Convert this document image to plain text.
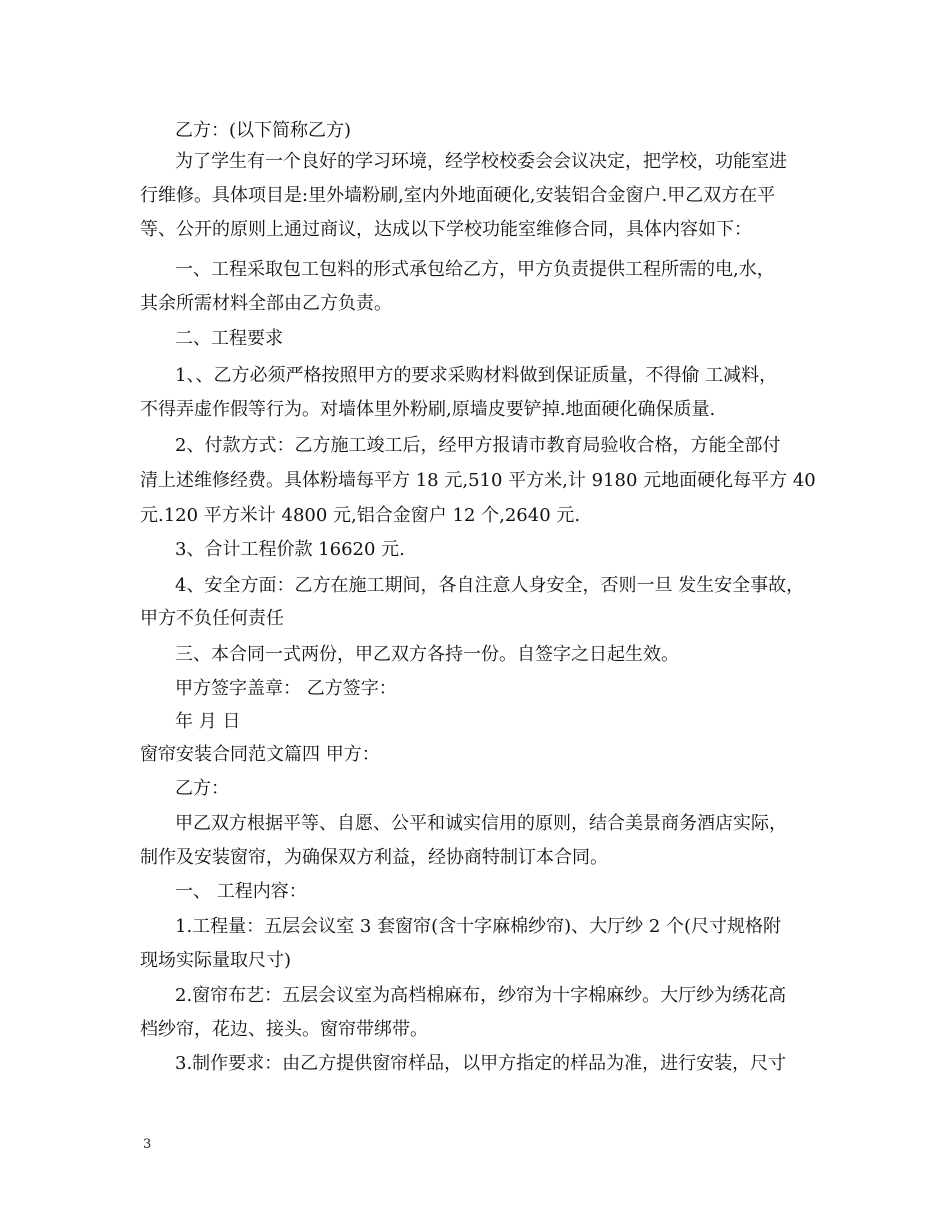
乙方：(以下简称乙方)
为了学生有一个良好的学习环境，经学校校委会会议决定，把学校，功能室进
行维修。具体项目是:里外墙粉刷,室内外地面硬化,安装铝合金窗户.甲乙双方在平
等、公开的原则上通过商议，达成以下学校功能室维修合同，具体内容如下：
一、工程采取包工包料的形式承包给乙方，甲方负责提供工程所需的电,水，
其余所需材料全部由乙方负责。
二、工程要求
1、、乙方必须严格按照甲方的要求采购材料做到保证质量，不得偷 工减料，
不得弄虚作假等行为。对墙体里外粉刷,原墙皮要铲掉.地面硬化确保质量.
2、付款方式：乙方施工竣工后，经甲方报请市教育局验收合格，方能全部付
清上述维修经费。具体粉墙每平方 18 元,510 平方米,计 9180 元地面硬化每平方 40
元.120 平方米计 4800 元,铝合金窗户 12 个,2640 元.
3、合计工程价款 16620 元.
4、安全方面：乙方在施工期间，各自注意人身安全，否则一旦 发生安全事故，
甲方不负任何责任
三、本合同一式两份，甲乙双方各持一份。自签字之日起生效。
甲方签字盖章： 乙方签字：
年 月 日
窗帘安装合同范文篇四 甲方：
乙方：
甲乙双方根据平等、自愿、公平和诚实信用的原则，结合美景商务酒店实际，
制作及安装窗帘，为确保双方利益，经协商特制订本合同。
一、 工程内容：
1.工程量：五层会议室 3 套窗帘(含十字麻棉纱帘)、大厅纱 2 个(尺寸规格附
现场实际量取尺寸)
2.窗帘布艺：五层会议室为高档棉麻布，纱帘为十字棉麻纱。大厅纱为绣花高
档纱帘，花边、接头。窗帘带绑带。
3.制作要求：由乙方提供窗帘样品，以甲方指定的样品为准，进行安装，尺寸
3
